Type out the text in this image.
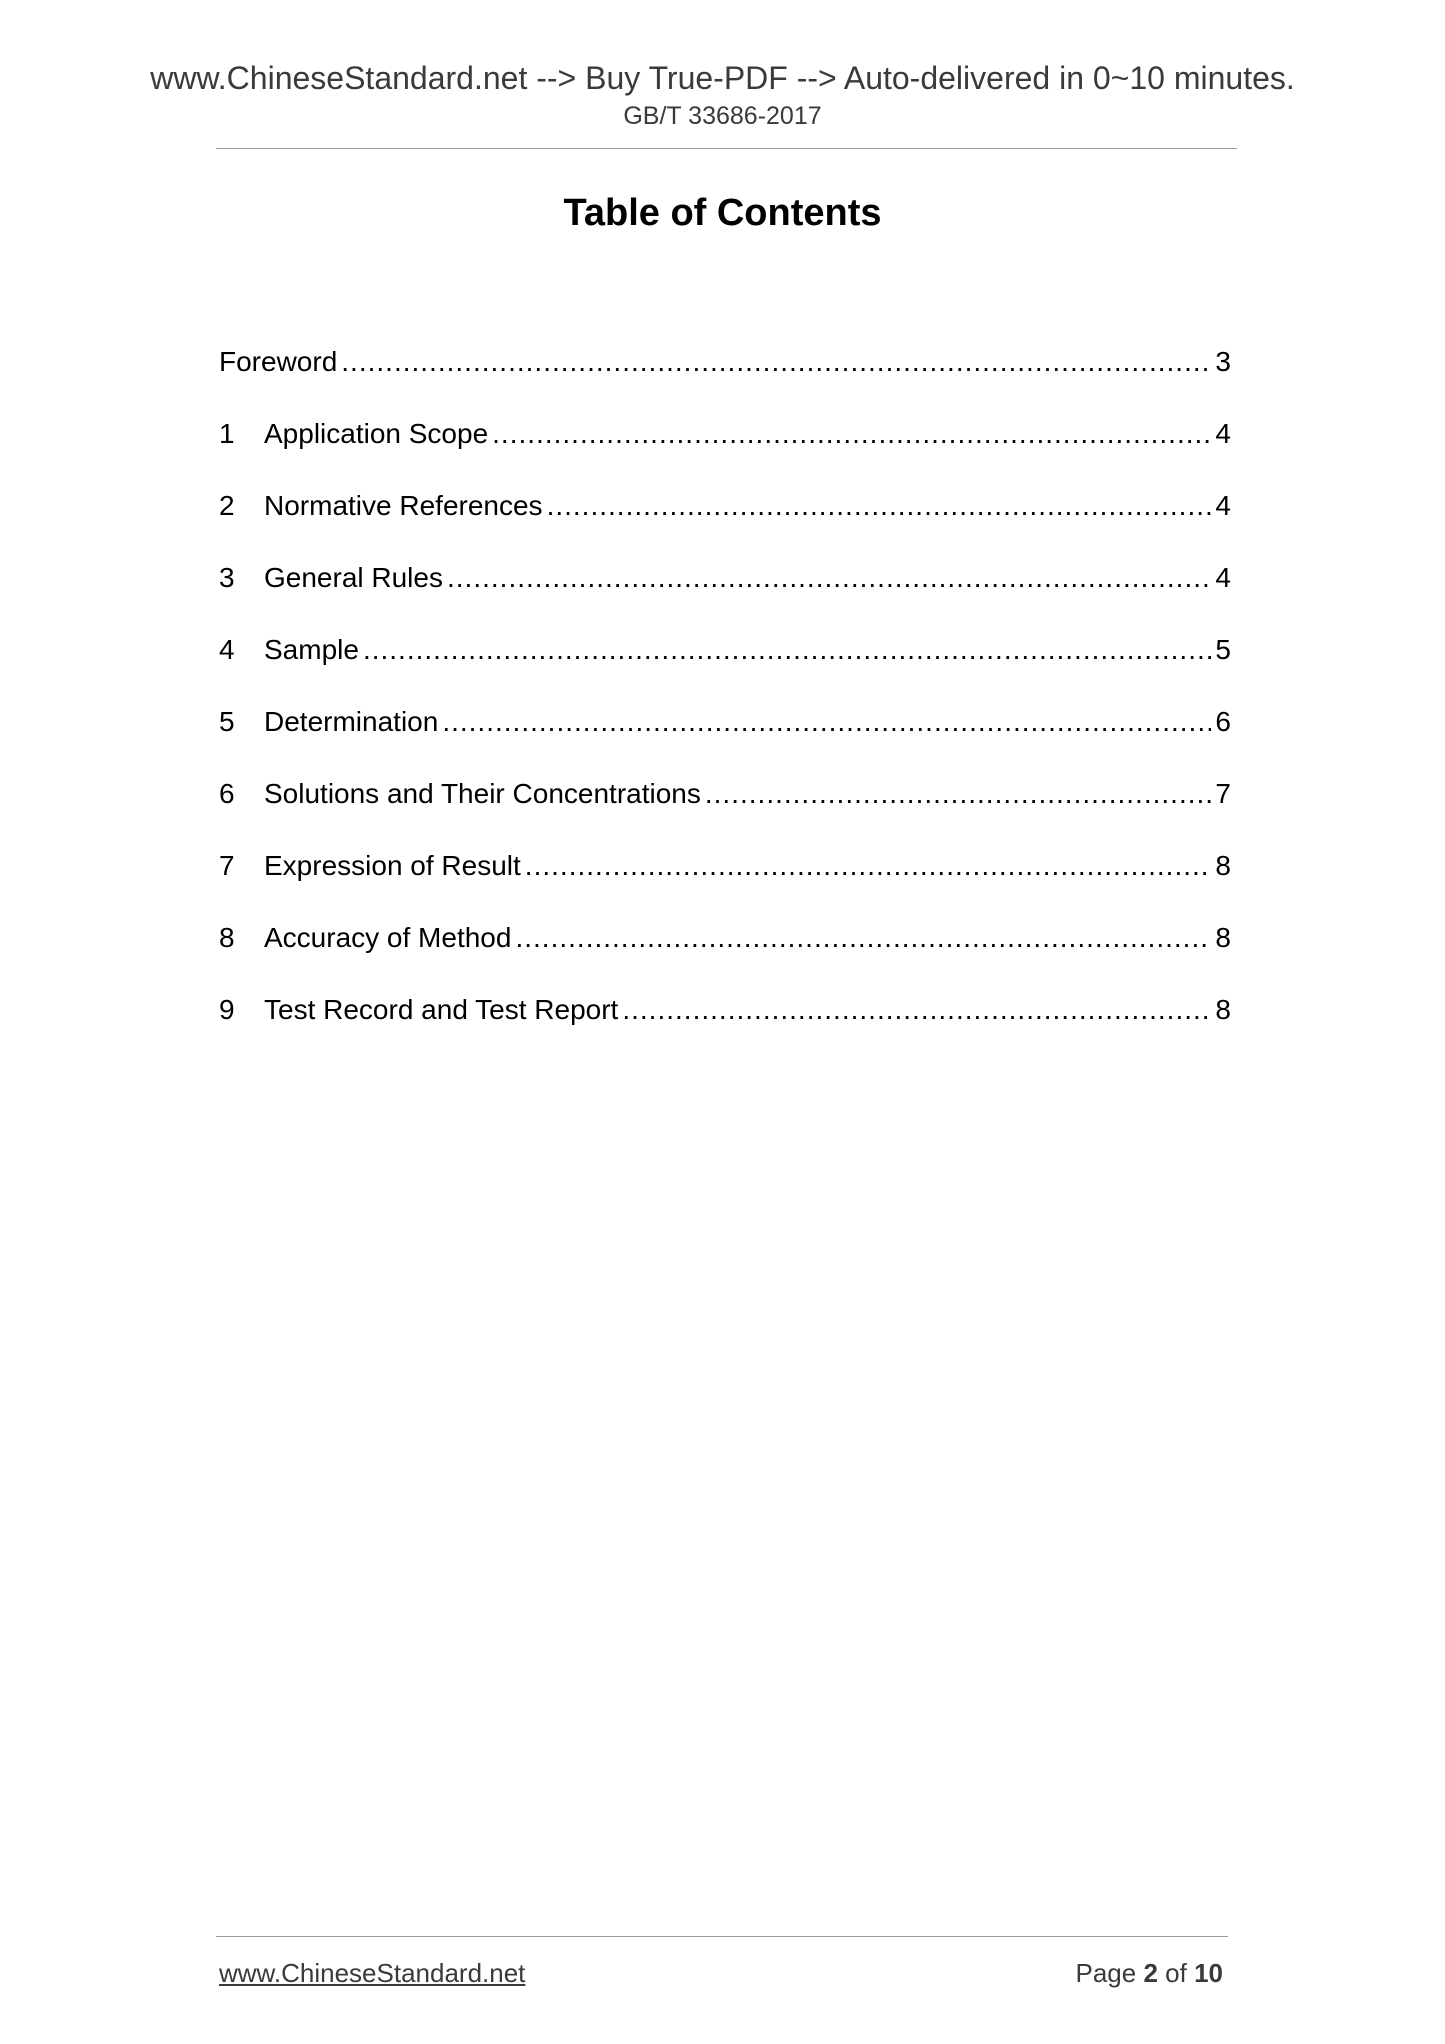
www.ChineseStandard.net --> Buy True-PDF --> Auto-delivered in 0~10 minutes.
GB/T 33686-2017
Table of Contents
Foreword .....	3
1	Application Scope .....	4
2	Normative References .....	4
3	General Rules .....	4
4	Sample .....	5
5	Determination .....	6
6	Solutions and Their Concentrations .....	7
7	Expression of Result .....	8
8	Accuracy of Method .....	8
9	Test Record and Test Report .....	8
www.ChineseStandard.net	Page 2 of 10
